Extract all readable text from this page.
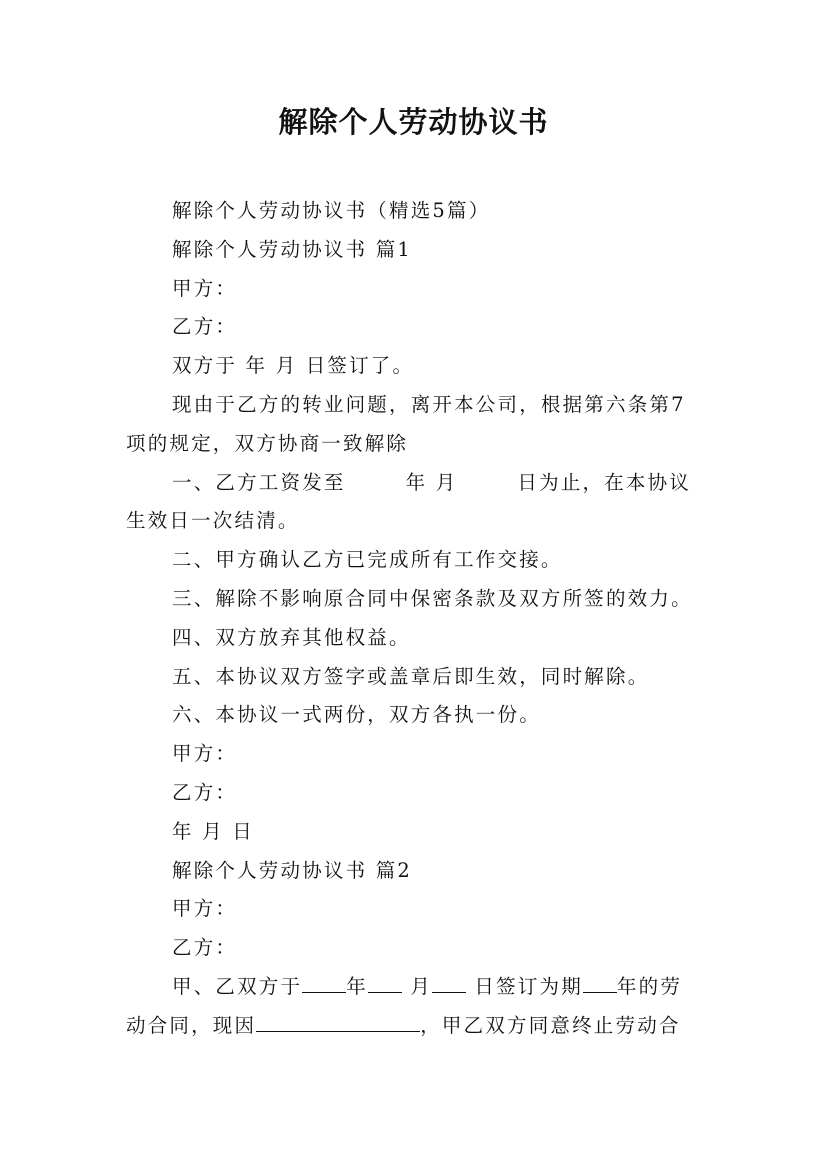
解除个人劳动协议书

解除个人劳动协议书（精选5篇）

解除个人劳动协议书 篇1

甲方：

乙方：

双方于 年 月 日签订了。

现由于乙方的转业问题，离开本公司，根据第六条第7

项的规定，双方协商一致解除

一、乙方工资发至	年 月	日为止，在本协议

生效日一次结清。

二、甲方确认乙方已完成所有工作交接。

三、解除不影响原合同中保密条款及双方所签的效力。

四、双方放弃其他权益。

五、本协议双方签字或盖章后即生效，同时解除。

六、本协议一式两份，双方各执一份。

甲方：

乙方：

年 月 日

解除个人劳动协议书 篇2

甲方：

乙方：

甲、乙双方于 年 月 日签订为期 年的劳

动合同，现因	，甲乙双方同意终止劳动合
